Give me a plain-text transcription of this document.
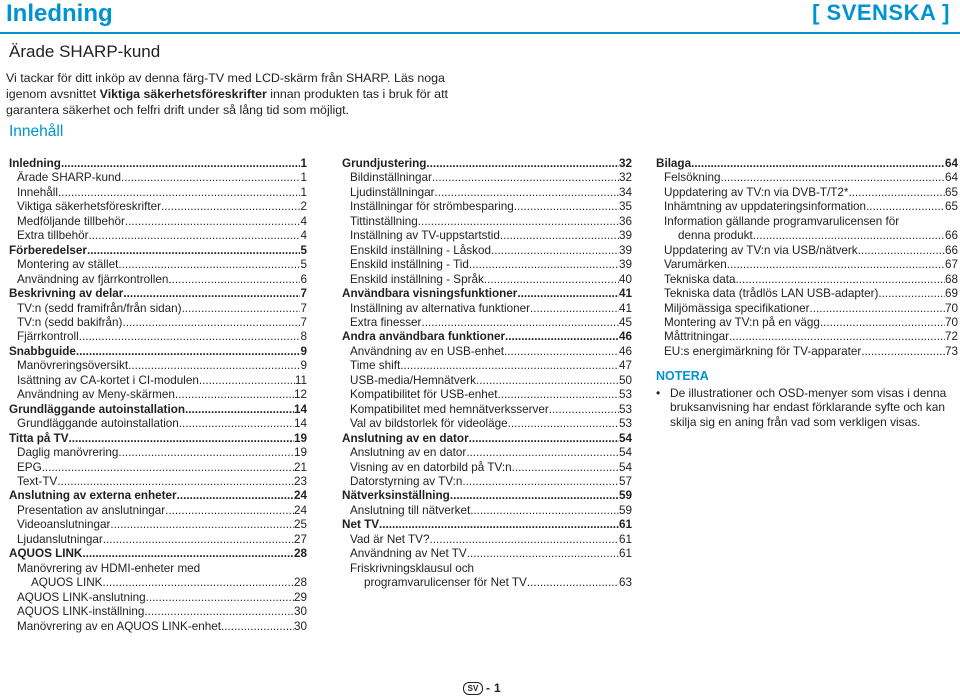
Inledning	[ SVENSKA ]
Ärade SHARP-kund
Vi tackar för ditt inköp av denna färg-TV med LCD-skärm från SHARP. Läs noga igenom avsnittet Viktiga säkerhetsföreskrifter innan produkten tas i bruk för att garantera säkerhet och felfri drift under så lång tid som möjligt.
Innehåll
Inledning .....	1
Ärade SHARP-kund .....	1
Innehåll .....	1
Viktiga säkerhetsföreskrifter .....	2
Medföljande tillbehör .....	4
Extra tillbehör .....	4
Förberedelser .....	5
Montering av stället .....	5
Användning av fjärrkontrollen .....	6
Beskrivning av delar .....	7
TV:n (sedd framifrån/från sidan) .....	7
TV:n (sedd bakifrån) .....	7
Fjärrkontroll .....	8
Snabbguide .....	9
Manövreringsöversikt .....	9
Isättning av CA-kortet i CI-modulen .....	11
Användning av Meny-skärmen .....	12
Grundläggande autoinstallation .....	14
Grundläggande autoinstallation .....	14
Titta på TV .....	19
Daglig manövrering .....	19
EPG .....	21
Text-TV .....	23
Anslutning av externa enheter .....	24
Presentation av anslutningar .....	24
Videoanslutningar .....	25
Ljudanslutningar .....	27
AQUOS LINK .....	28
Manövrering av HDMI-enheter med
AQUOS LINK .....	28
AQUOS LINK-anslutning .....	29
AQUOS LINK-inställning .....	30
Manövrering av en AQUOS LINK-enhet .....	30
Grundjustering .....	32
Bildinställningar .....	32
Ljudinställningar .....	34
Inställningar för strömbesparing .....	35
Tittinställning .....	36
Inställning av TV-uppstartstid .....	39
Enskild inställning - Låskod .....	39
Enskild inställning - Tid .....	39
Enskild inställning - Språk .....	40
Användbara visningsfunktioner .....	41
Inställning av alternativa funktioner .....	41
Extra finesser .....	45
Andra användbara funktioner .....	46
Användning av en USB-enhet .....	46
Time shift .....	47
USB-media/Hemnätverk .....	50
Kompatibilitet för USB-enhet .....	53
Kompatibilitet med hemnätverksserver .....	53
Val av bildstorlek för videoläge .....	53
Anslutning av en dator .....	54
Anslutning av en dator .....	54
Visning av en datorbild på TV:n .....	54
Datorstyrning av TV:n .....	57
Nätverksinställning .....	59
Anslutning till nätverket .....	59
Net TV .....	61
Vad är Net TV? .....	61
Användning av Net TV .....	61
Friskrivningsklausul och
programvarulicenser för Net TV .....	63
Bilaga .....	64
Felsökning .....	64
Uppdatering av TV:n via DVB-T/T2* .....	65
Inhämtning av uppdateringsinformation .....	65
Information gällande programvarulicensen för
denna produkt .....	66
Uppdatering av TV:n via USB/nätverk .....	66
Varumärken .....	67
Tekniska data .....	68
Tekniska data (trådlös LAN USB-adapter) .....	69
Miljömässiga specifikationer .....	70
Montering av TV:n på en vägg .....	70
Måttritningar .....	72
EU:s energimärkning för TV-apparater .....	73
NOTERA
• De illustrationer och OSD-menyer som visas i denna bruksanvisning har endast förklarande syfte och kan skilja sig en aning från vad som verkligen visas.
SV - 1
